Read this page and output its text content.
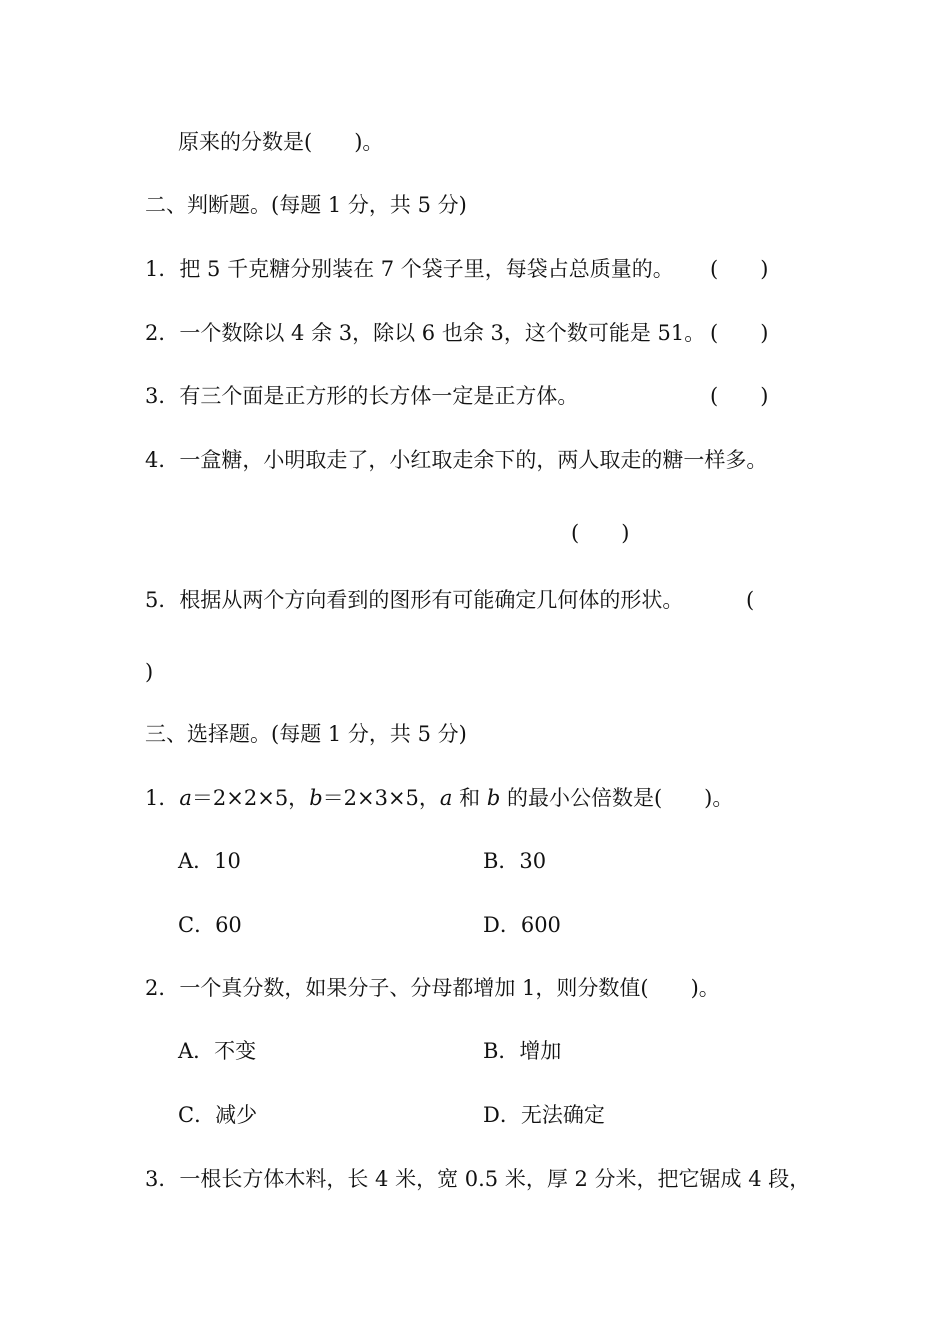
原来的分数是(　　)。
二、判断题。(每题 1 分，共 5 分)
1．把 5 千克糖分别装在 7 个袋子里，每袋占总质量的。 (　　)
2．一个数除以 4 余 3，除以 6 也余 3，这个数可能是 51。 (　　)
3．有三个面是正方形的长方体一定是正方体。	(　　)
4．一盒糖，小明取走了，小红取走余下的，两人取走的糖一样多。
(　　)
5．根据从两个方向看到的图形有可能确定几何体的形状。	(
)
三、选择题。(每题 1 分，共 5 分)
1．a＝2×2×5，b＝2×3×5，a 和 b 的最小公倍数是(　　)。
A．10	B．30
C．60	D．600
2．一个真分数，如果分子、分母都增加 1，则分数值(　　)。
A．不变	B．增加
C．减少	D．无法确定
3．一根长方体木料，长 4 米，宽 0.5 米，厚 2 分米，把它锯成 4 段，
